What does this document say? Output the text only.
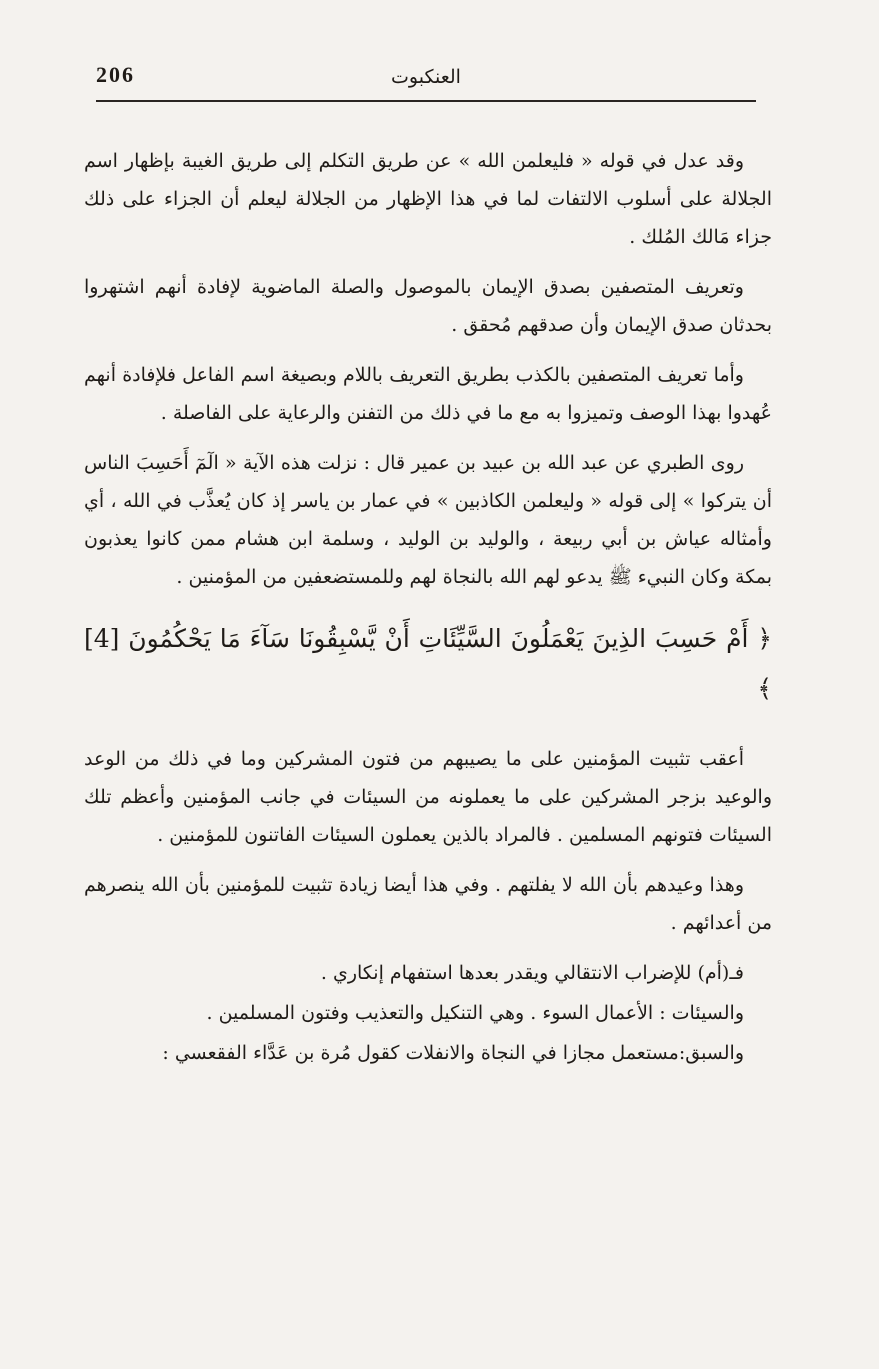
206	العنكبوت

وقد عدل في قوله « فليعلمن الله » عن طريق التكلم إلى طريق الغيبة بإظهار اسم الجلالة على أسلوب الالتفات لما في هذا الإظهار من الجلالة ليعلم أن الجزاء على ذلك جزاء مَالك المُلك .

وتعريف المتصفين بصدق الإيمان بالموصول والصلة الماضوية لإفادة أنهم اشتهروا بحدثان صدق الإيمان وأن صدقهم مُحقق .

وأما تعريف المتصفين بالكذب بطريق التعريف باللام وبصيغة اسم الفاعل فلإفادة أنهم عُهدوا بهذا الوصف وتميزوا به مع ما في ذلك من التفنن والرعاية على الفاصلة .

روى الطبري عن عبد الله بن عبيد بن عمير قال : نزلت هذه الآية « الٓمٓ أَحَسِبَ الناس أن يتركوا » إلى قوله « وليعلمن الكاذبين » في عمار بن ياسر إذ كان يُعذَّب في الله ، أي وأمثاله عياش بن أبي ربيعة ، والوليد بن الوليد ، وسلمة ابن هشام ممن كانوا يعذبون بمكة وكان النبيء ﷺ يدعو لهم الله بالنجاة لهم وللمستضعفين من المؤمنين .

﴿ أَمْ حَسِبَ الذِينَ يَعْمَلُونَ السَّيِّئَاتِ أَنْ يَّسْبِقُونَا سَآءَ مَا يَحْكُمُونَ [4] ﴾

أعقب تثبيت المؤمنين على ما يصيبهم من فتون المشركين وما في ذلك من الوعد والوعيد بزجر المشركين على ما يعملونه من السيئات في جانب المؤمنين وأعظم تلك السيئات فتونهم المسلمين . فالمراد بالذين يعملون السيئات الفاتنون للمؤمنين .

وهذا وعيدهم بأن الله لا يفلتهم . وفي هذا أيضا زيادة تثبيت للمؤمنين بأن الله ينصرهم من أعدائهم .

فـ(أم) للإضراب الانتقالي ويقدر بعدها استفهام إنكاري .

والسيئات : الأعمال السوء . وهي التنكيل والتعذيب وفتون المسلمين .

والسبق:مستعمل مجازا في النجاة والانفلات كقول مُرة بن عَدَّاء الفقعسي :
